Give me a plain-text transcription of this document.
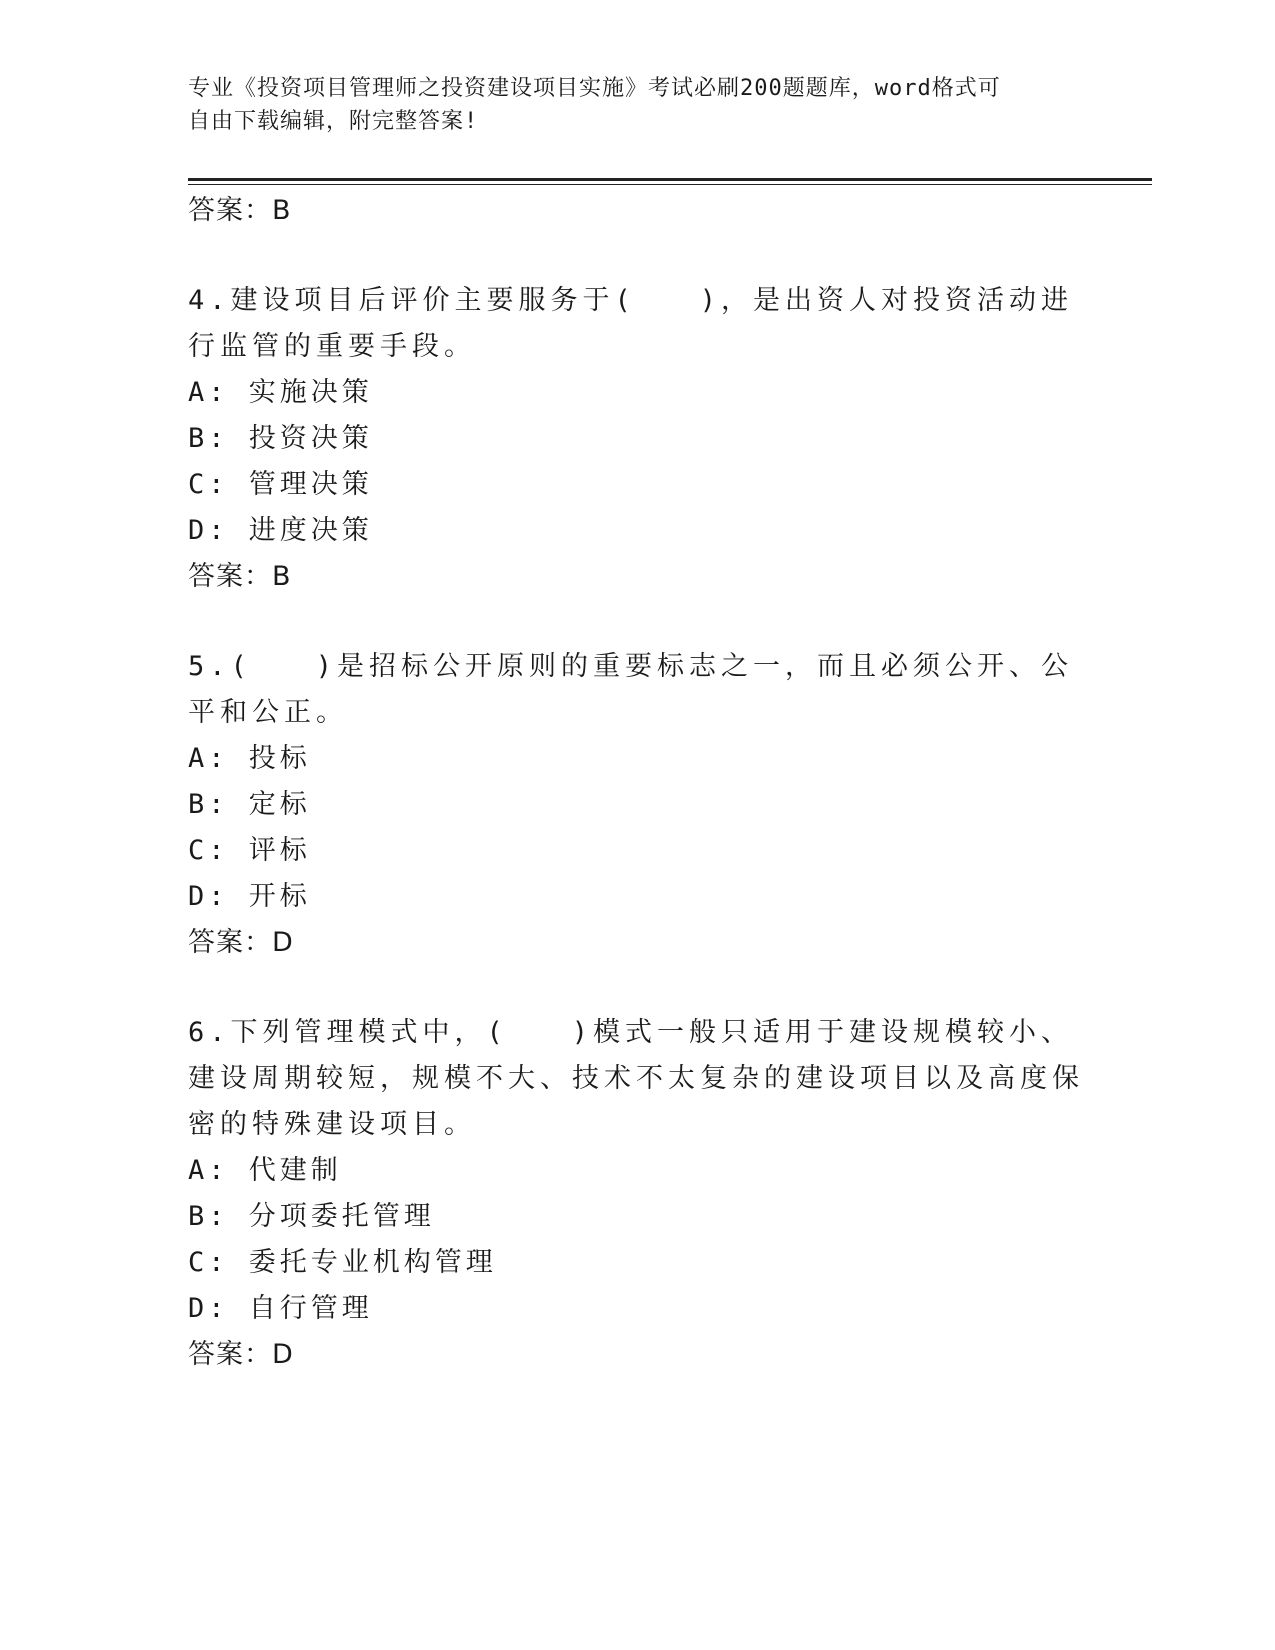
专业《投资项目管理师之投资建设项目实施》考试必刷200题题库，word格式可
自由下载编辑，附完整答案!
答案：B
4.建设项目后评价主要服务于(　　)，是出资人对投资活动进行监管的重要手段。
A: 实施决策
B: 投资决策
C: 管理决策
D: 进度决策
答案：B
5.(　　)是招标公开原则的重要标志之一，而且必须公开、公平和公正。
A: 投标
B: 定标
C: 评标
D: 开标
答案：D
6.下列管理模式中，(　　)模式一般只适用于建设规模较小、建设周期较短，规模不大、技术不太复杂的建设项目以及高度保密的特殊建设项目。
A: 代建制
B: 分项委托管理
C: 委托专业机构管理
D: 自行管理
答案：D
